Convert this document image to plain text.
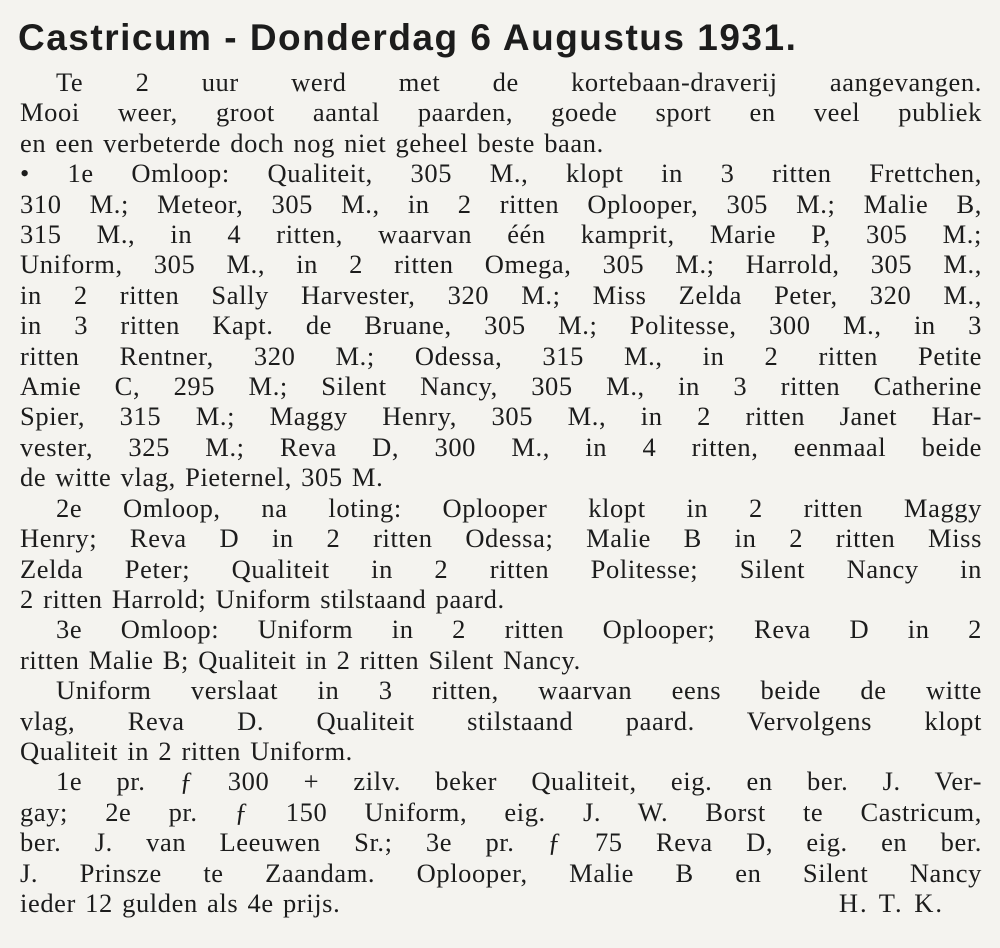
Castricum - Donderdag 6 Augustus 1931.
Te 2 uur werd met de kortebaan-draverij aangevangen.
Mooi weer, groot aantal paarden, goede sport en veel publiek
en een verbeterde doch nog niet geheel beste baan.
• 1e Omloop: Qualiteit, 305 M., klopt in 3 ritten Frettchen,
310 M.; Meteor, 305 M., in 2 ritten Oplooper, 305 M.; Malie B,
315 M., in 4 ritten, waarvan één kamprit, Marie P, 305 M.;
Uniform, 305 M., in 2 ritten Omega, 305 M.; Harrold, 305 M.,
in 2 ritten Sally Harvester, 320 M.; Miss Zelda Peter, 320 M.,
in 3 ritten Kapt. de Bruane, 305 M.; Politesse, 300 M., in 3
ritten Rentner, 320 M.; Odessa, 315 M., in 2 ritten Petite
Amie C, 295 M.; Silent Nancy, 305 M., in 3 ritten Catherine
Spier, 315 M.; Maggy Henry, 305 M., in 2 ritten Janet Har-
vester, 325 M.; Reva D, 300 M., in 4 ritten, eenmaal beide
de witte vlag, Pieternel, 305 M.
2e Omloop, na loting: Oplooper klopt in 2 ritten Maggy
Henry; Reva D in 2 ritten Odessa; Malie B in 2 ritten Miss
Zelda Peter; Qualiteit in 2 ritten Politesse; Silent Nancy in
2 ritten Harrold; Uniform stilstaand paard.
3e Omloop: Uniform in 2 ritten Oplooper; Reva D in 2
ritten Malie B; Qualiteit in 2 ritten Silent Nancy.
Uniform verslaat in 3 ritten, waarvan eens beide de witte
vlag, Reva D. Qualiteit stilstaand paard. Vervolgens klopt
Qualiteit in 2 ritten Uniform.
1e pr. ƒ 300 + zilv. beker Qualiteit, eig. en ber. J. Ver-
gay; 2e pr. ƒ 150 Uniform, eig. J. W. Borst te Castricum,
ber. J. van Leeuwen Sr.; 3e pr. ƒ 75 Reva D, eig. en ber.
J. Prinsze te Zaandam. Oplooper, Malie B en Silent Nancy
ieder 12 gulden als 4e prijs.	H. T. K.
